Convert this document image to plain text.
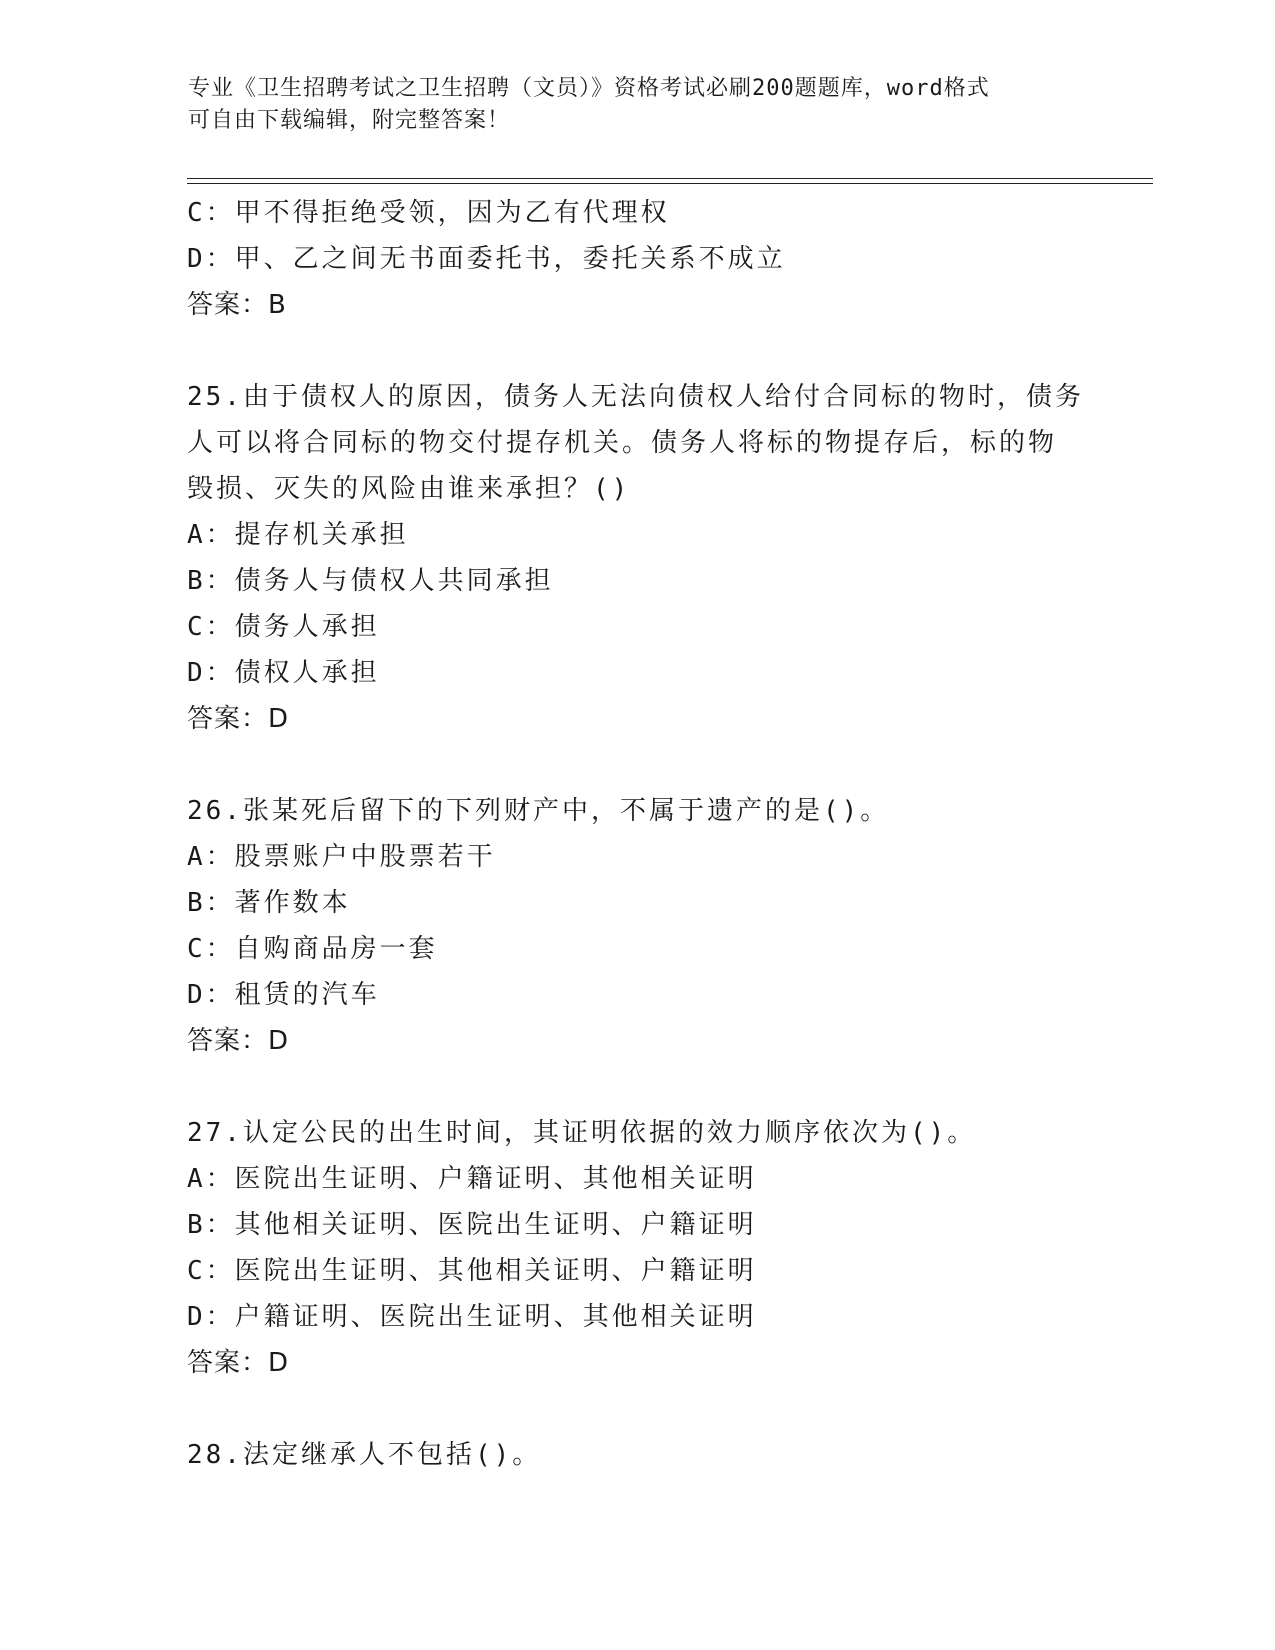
专业《卫生招聘考试之卫生招聘（文员）》资格考试必刷200题题库，word格式
可自由下载编辑，附完整答案！
C：甲不得拒绝受领，因为乙有代理权
D：甲、乙之间无书面委托书，委托关系不成立
答案：B
25.由于债权人的原因，债务人无法向债权人给付合同标的物时，债务
人可以将合同标的物交付提存机关。债务人将标的物提存后，标的物
毁损、灭失的风险由谁来承担？()
A：提存机关承担
B：债务人与债权人共同承担
C：债务人承担
D：债权人承担
答案：D
26.张某死后留下的下列财产中，不属于遗产的是()。
A：股票账户中股票若干
B：著作数本
C：自购商品房一套
D：租赁的汽车
答案：D
27.认定公民的出生时间，其证明依据的效力顺序依次为()。
A：医院出生证明、户籍证明、其他相关证明
B：其他相关证明、医院出生证明、户籍证明
C：医院出生证明、其他相关证明、户籍证明
D：户籍证明、医院出生证明、其他相关证明
答案：D
28.法定继承人不包括()。
